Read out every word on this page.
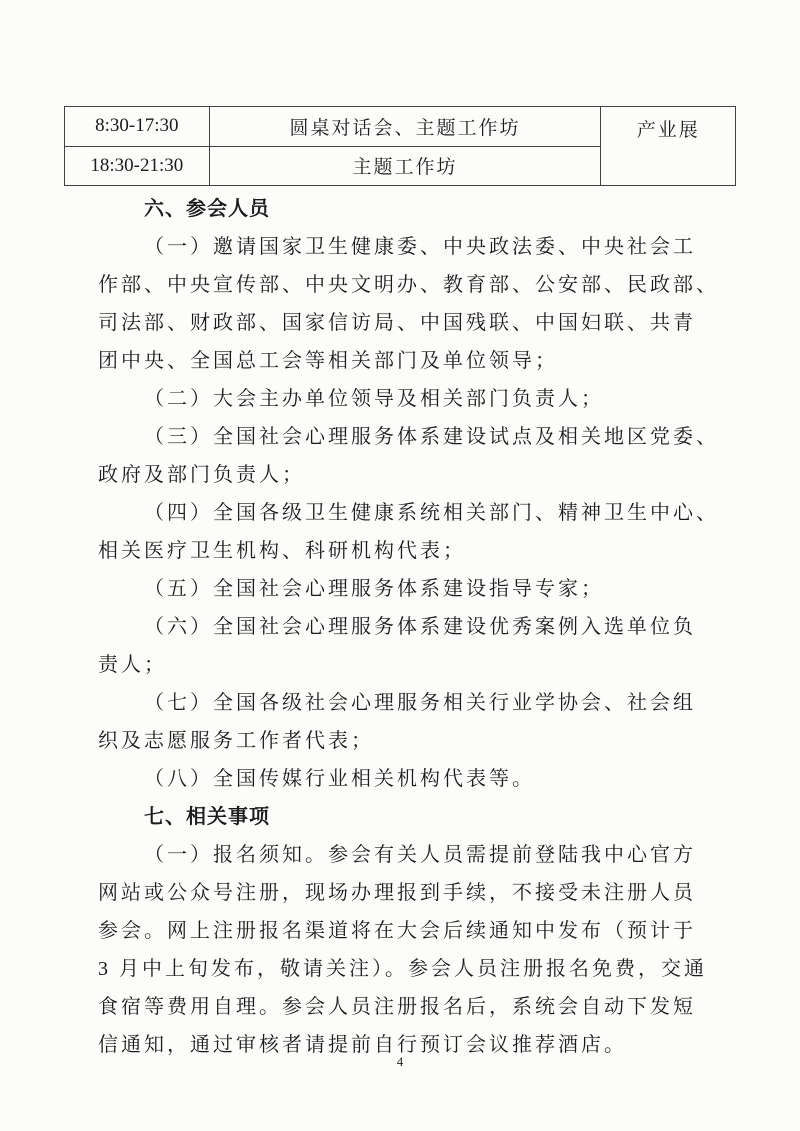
8:30-17:30	圆桌对话会、主题工作坊	产业展
18:30-21:30	主题工作坊	
六、参会人员
（一）邀请国家卫生健康委、中央政法委、中央社会工
作部、中央宣传部、中央文明办、教育部、公安部、民政部、
司法部、财政部、国家信访局、中国残联、中国妇联、共青
团中央、全国总工会等相关部门及单位领导；
（二）大会主办单位领导及相关部门负责人；
（三）全国社会心理服务体系建设试点及相关地区党委、
政府及部门负责人；
（四）全国各级卫生健康系统相关部门、精神卫生中心、
相关医疗卫生机构、科研机构代表；
（五）全国社会心理服务体系建设指导专家；
（六）全国社会心理服务体系建设优秀案例入选单位负
责人；
（七）全国各级社会心理服务相关行业学协会、社会组
织及志愿服务工作者代表；
（八）全国传媒行业相关机构代表等。
七、相关事项
（一）报名须知。参会有关人员需提前登陆我中心官方
网站或公众号注册，现场办理报到手续，不接受未注册人员
参会。网上注册报名渠道将在大会后续通知中发布（预计于
3 月中上旬发布，敬请关注）。参会人员注册报名免费，交通
食宿等费用自理。参会人员注册报名后，系统会自动下发短
信通知，通过审核者请提前自行预订会议推荐酒店。
4
